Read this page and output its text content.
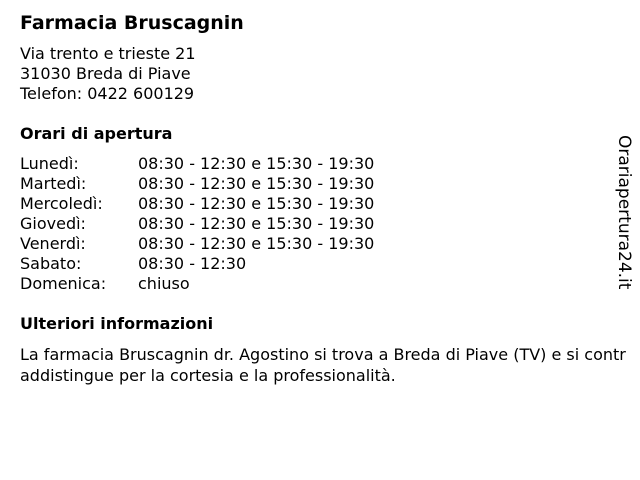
Farmacia Bruscagnin
Via trento e trieste 21
31030 Breda di Piave
Telefon: 0422 600129
Orari di apertura
Lunedì:	08:30 - 12:30 e 15:30 - 19:30
Martedì:	08:30 - 12:30 e 15:30 - 19:30
Mercoledì:	08:30 - 12:30 e 15:30 - 19:30
Giovedì:	08:30 - 12:30 e 15:30 - 19:30
Venerdì:	08:30 - 12:30 e 15:30 - 19:30
Sabato:	08:30 - 12:30
Domenica:	chiuso
Ulteriori informazioni
La farmacia Bruscagnin dr. Agostino si trova a Breda di Piave (TV) e si contraddistingue per la cortesia e la professionalità.
Orariapertura24.it
